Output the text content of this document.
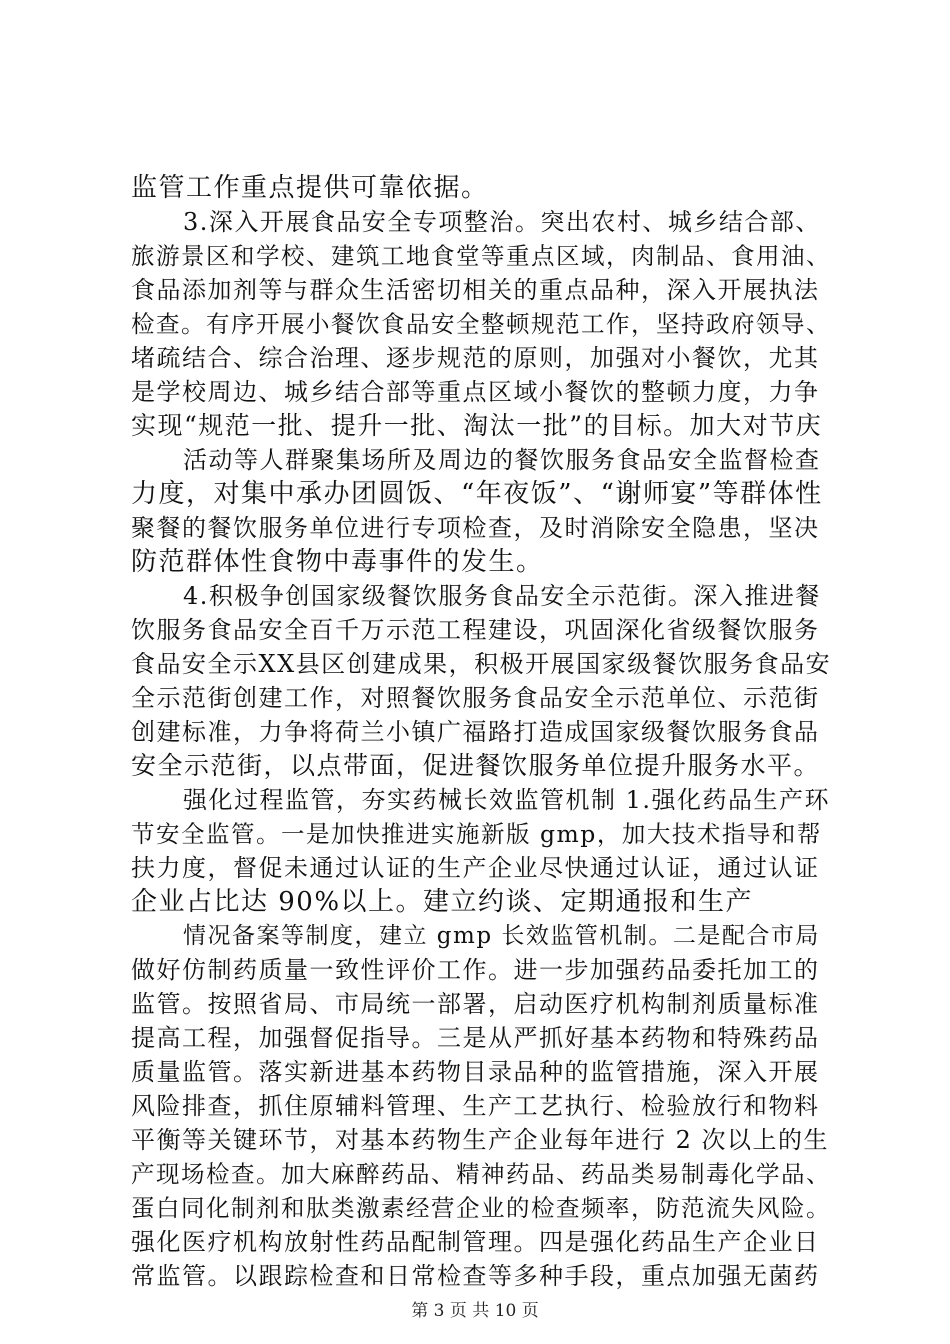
监管工作重点提供可靠依据。
3.深入开展食品安全专项整治。突出农村、城乡结合部、
旅游景区和学校、建筑工地食堂等重点区域，肉制品、食用油、
食品添加剂等与群众生活密切相关的重点品种，深入开展执法
检查。有序开展小餐饮食品安全整顿规范工作，坚持政府领导、
堵疏结合、综合治理、逐步规范的原则，加强对小餐饮，尤其
是学校周边、城乡结合部等重点区域小餐饮的整顿力度，力争
实现“规范一批、提升一批、淘汰一批”的目标。加大对节庆
活动等人群聚集场所及周边的餐饮服务食品安全监督检查
力度，对集中承办团圆饭、“年夜饭”、“谢师宴”等群体性
聚餐的餐饮服务单位进行专项检查，及时消除安全隐患，坚决
防范群体性食物中毒事件的发生。
4.积极争创国家级餐饮服务食品安全示范街。深入推进餐
饮服务食品安全百千万示范工程建设，巩固深化省级餐饮服务
食品安全示XX县区创建成果，积极开展国家级餐饮服务食品安
全示范街创建工作，对照餐饮服务食品安全示范单位、示范街
创建标准，力争将荷兰小镇广福路打造成国家级餐饮服务食品
安全示范街，以点带面，促进餐饮服务单位提升服务水平。
强化过程监管，夯实药械长效监管机制 1.强化药品生产环
节安全监管。一是加快推进实施新版 gmp，加大技术指导和帮
扶力度，督促未通过认证的生产企业尽快通过认证，通过认证
企业占比达 90%以上。建立约谈、定期通报和生产
情况备案等制度，建立 gmp 长效监管机制。二是配合市局
做好仿制药质量一致性评价工作。进一步加强药品委托加工的
监管。按照省局、市局统一部署，启动医疗机构制剂质量标准
提高工程，加强督促指导。三是从严抓好基本药物和特殊药品
质量监管。落实新进基本药物目录品种的监管措施，深入开展
风险排查，抓住原辅料管理、生产工艺执行、检验放行和物料
平衡等关键环节，对基本药物生产企业每年进行 2 次以上的生
产现场检查。加大麻醉药品、精神药品、药品类易制毒化学品、
蛋白同化制剂和肽类激素经营企业的检查频率，防范流失风险。
强化医疗机构放射性药品配制管理。四是强化药品生产企业日
常监管。以跟踪检查和日常检查等多种手段，重点加强无菌药
第 3 页 共 10 页
